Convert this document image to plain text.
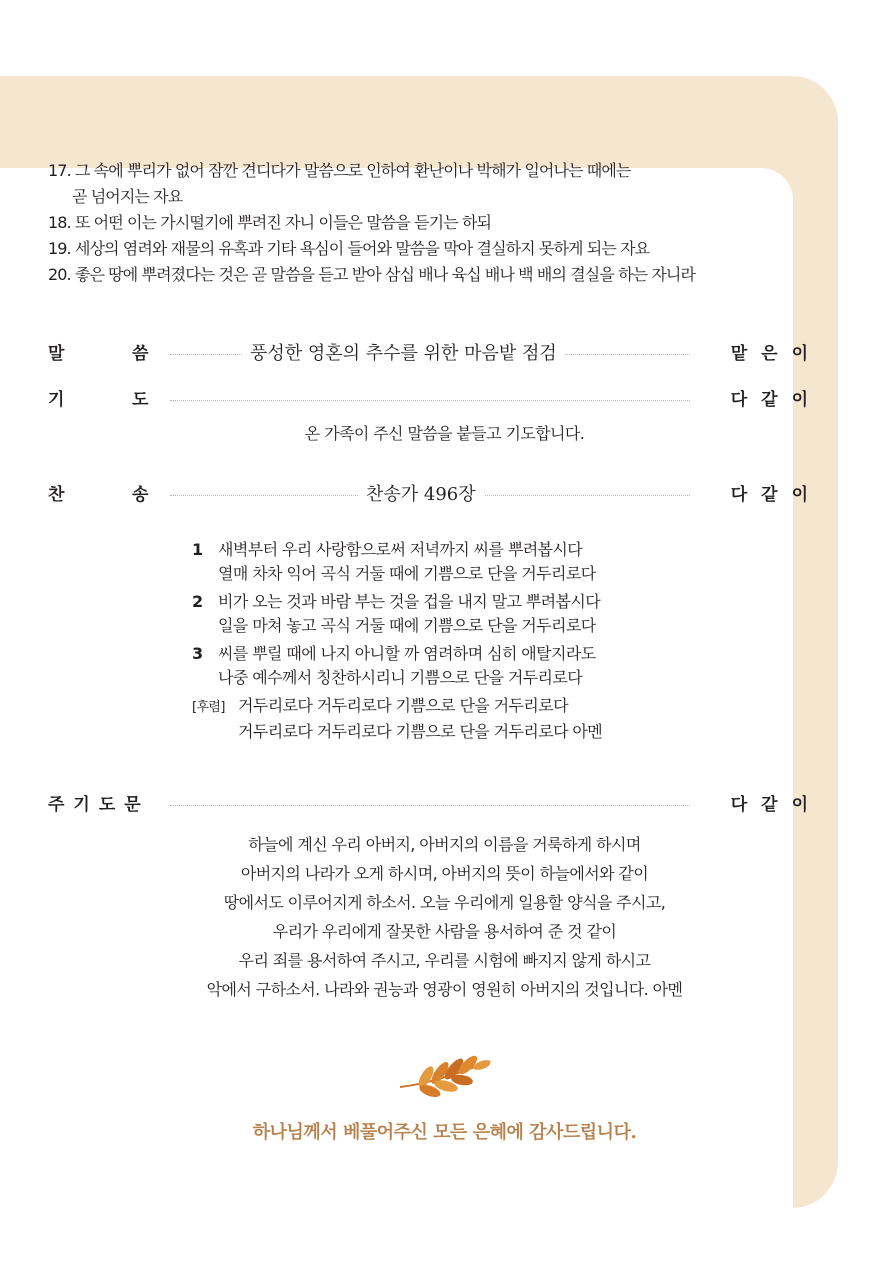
17. 그 속에 뿌리가 없어 잠깐 견디다가 말씀으로 인하여 환난이나 박해가 일어나는 때에는
곧 넘어지는 자요
18. 또 어떤 이는 가시떨기에 뿌려진 자니 이들은 말씀을 듣기는 하되
19. 세상의 염려와 재물의 유혹과 기타 욕심이 들어와 말씀을 막아 결실하지 못하게 되는 자요
20. 좋은 땅에 뿌려졌다는 것은 곧 말씀을 듣고 받아 삼십 배나 육십 배나 백 배의 결실을 하는 자니라
말	씀	풍성한 영혼의 추수를 위한 마음밭 점검	맡은이
기	도	다같이
온 가족이 주신 말씀을 붙들고 기도합니다.
찬	송	찬송가 496장	다같이
1 새벽부터 우리 사랑함으로써 저녁까지 씨를 뿌려봅시다
열매 차차 익어 곡식 거둘 때에 기쁨으로 단을 거두리로다
2 비가 오는 것과 바람 부는 것을 겁을 내지 말고 뿌려봅시다
일을 마쳐 놓고 곡식 거둘 때에 기쁨으로 단을 거두리로다
3 씨를 뿌릴 때에 나지 아니할 까 염려하며 심히 애탈지라도
나중 예수께서 칭찬하시리니 기쁨으로 단을 거두리로다
[후렴] 거두리로다 거두리로다 기쁨으로 단을 거두리로다
거두리로다 거두리로다 기쁨으로 단을 거두리로다 아멘
주기도문	다같이
하늘에 계신 우리 아버지, 아버지의 이름을 거룩하게 하시며
아버지의 나라가 오게 하시며, 아버지의 뜻이 하늘에서와 같이
땅에서도 이루어지게 하소서. 오늘 우리에게 일용할 양식을 주시고,
우리가 우리에게 잘못한 사람을 용서하여 준 것 같이
우리 죄를 용서하여 주시고, 우리를 시험에 빠지지 않게 하시고
악에서 구하소서. 나라와 권능과 영광이 영원히 아버지의 것입니다. 아멘
하나님께서 베풀어주신 모든 은혜에 감사드립니다.
